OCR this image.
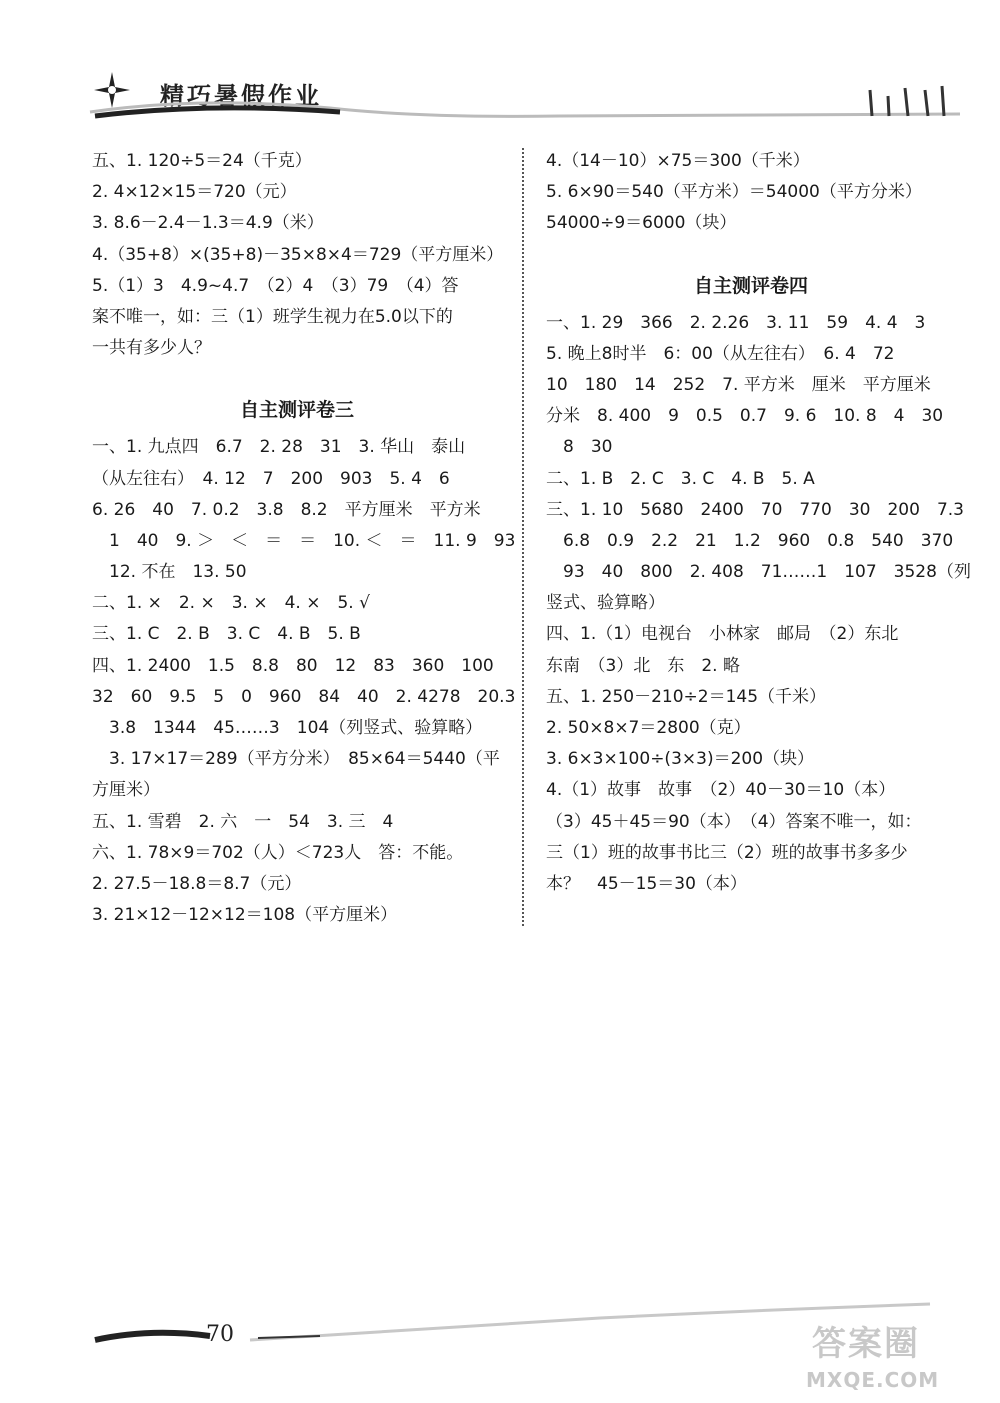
精巧暑假作业
五、1. 120÷5＝24（千克）
2. 4×12×15＝720（元）
3. 8.6－2.4－1.3＝4.9（米）
4.（35+8）×(35+8)－35×8×4＝729（平方厘米）
5.（1）3　4.9~4.7　（2）4　（3）79　（4）答
案不唯一，如：三（1）班学生视力在5.0以下的
一共有多少人？
自主测评卷三
一、1. 九点四　6.7　2. 28　31　3. 华山　泰山
（从左往右）　4. 12　7　200　903　5. 4　6
6. 26　40　7. 0.2　3.8　8.2　平方厘米　平方米
　1　40　9. ＞　＜　＝　＝　10. ＜　＝　11. 9　93
　12. 不在　13. 50
二、1. ×　2. ×　3. ×　4. ×　5. √
三、1. C　2. B　3. C　4. B　5. B
四、1. 2400　1.5　8.8　80　12　83　360　100
32　60　9.5　5　0　960　84　40　2. 4278　20.3
　3.8　1344　45……3　104（列竖式、验算略）
　3. 17×17＝289（平方分米）　85×64＝5440（平
方厘米）
五、1. 雪碧　2. 六　一　54　3. 三　4
六、1. 78×9＝702（人）＜723人　答：不能。
2. 27.5－18.8＝8.7（元）
3. 21×12－12×12＝108（平方厘米）
4.（14－10）×75＝300（千米）
5. 6×90＝540（平方米）＝54000（平方分米）
54000÷9＝6000（块）
自主测评卷四
一、1. 29　366　2. 2.26　3. 11　59　4. 4　3
5. 晚上8时半　6：00（从左往右）　6. 4　72
10　180　14　252　7. 平方米　厘米　平方厘米
分米　8. 400　9　0.5　0.7　9. 6　10. 8　4　30
　8　30
二、1. B　2. C　3. C　4. B　5. A
三、1. 10　5680　2400　70　770　30　200　7.3
　6.8　0.9　2.2　21　1.2　960　0.8　540　370
　93　40　800　2. 408　71……1　107　3528（列
竖式、验算略）
四、1.（1）电视台　小林家　邮局　（2）东北
东南　（3）北　东　2. 略
五、1. 250－210÷2＝145（千米）
2. 50×8×7＝2800（克）
3. 6×3×100÷(3×3)＝200（块）
4.（1）故事　故事　（2）40－30＝10（本）
（3）45＋45＝90（本）　（4）答案不唯一，如：
三（1）班的故事书比三（2）班的故事书多多少
本？　45－15＝30（本）
70	答案圈
MXQE.COM
